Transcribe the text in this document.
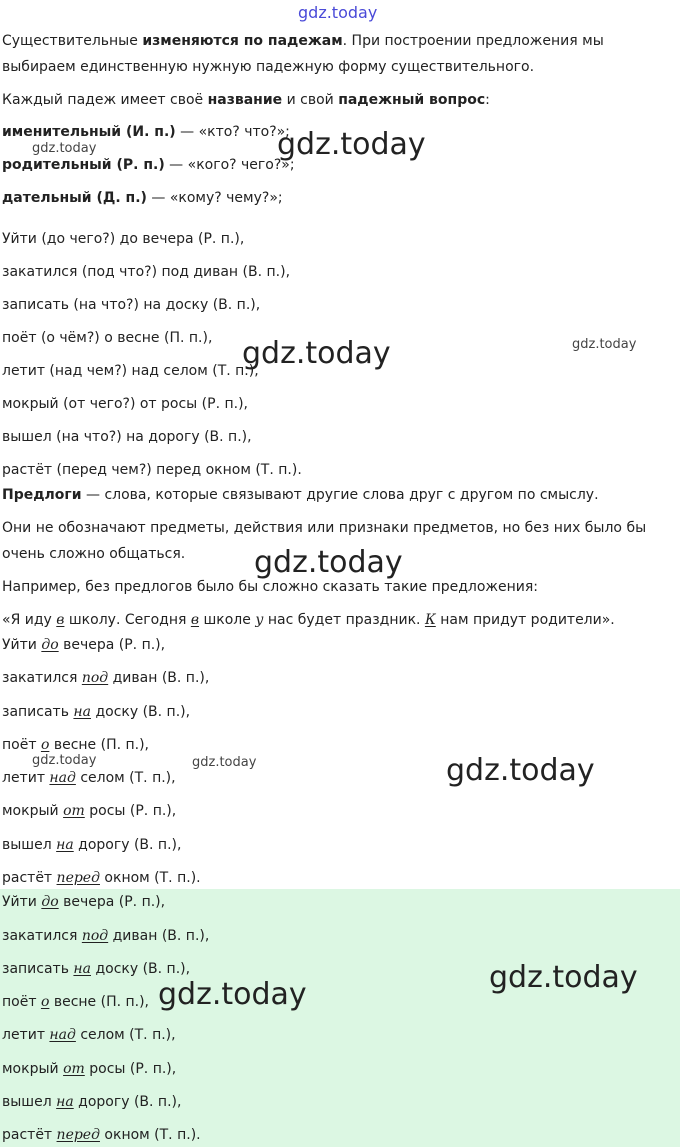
gdz.today
Существительные изменяются по падежам. При построении предложения мы
выбираем единственную нужную падежную форму существительного.
Каждый падеж имеет своё название и свой падежный вопрос:
именительный (И. п.) — «кто? что?»;
родительный (Р. п.) — «кого? чего?»;
дательный (Д. п.) — «кому? чему?»;
Уйти (до чего?) до вечера (Р. п.),
закатился (под что?) под диван (В. п.),
записать (на что?) на доску (В. п.),
поёт (о чём?) о весне (П. п.),
летит (над чем?) над селом (Т. п.),
мокрый (от чего?) от росы (Р. п.),
вышел (на что?) на дорогу (В. п.),
растёт (перед чем?) перед окном (Т. п.).
Предлоги — слова, которые связывают другие слова друг с другом по смыслу.
Они не обозначают предметы, действия или признаки предметов, но без них было бы
очень сложно общаться.
Например, без предлогов было бы сложно сказать такие предложения:
«Я иду в школу. Сегодня в школе у нас будет праздник. К нам придут родители».
Уйти до вечера (Р. п.),
закатился под диван (В. п.),
записать на доску (В. п.),
поёт о весне (П. п.),
летит над селом (Т. п.),
мокрый от росы (Р. п.),
вышел на дорогу (В. п.),
растёт перед окном (Т. п.).
Уйти до вечера (Р. п.),
закатился под диван (В. п.),
записать на доску (В. п.),
поёт о весне (П. п.),
летит над селом (Т. п.),
мокрый от росы (Р. п.),
вышел на дорогу (В. п.),
растёт перед окном (Т. п.).
gdz.today	gdz.today
gdz.today	gdz.today
gdz.today
gdz.today	gdz.today	gdz.today
gdz.today
gdz.today
